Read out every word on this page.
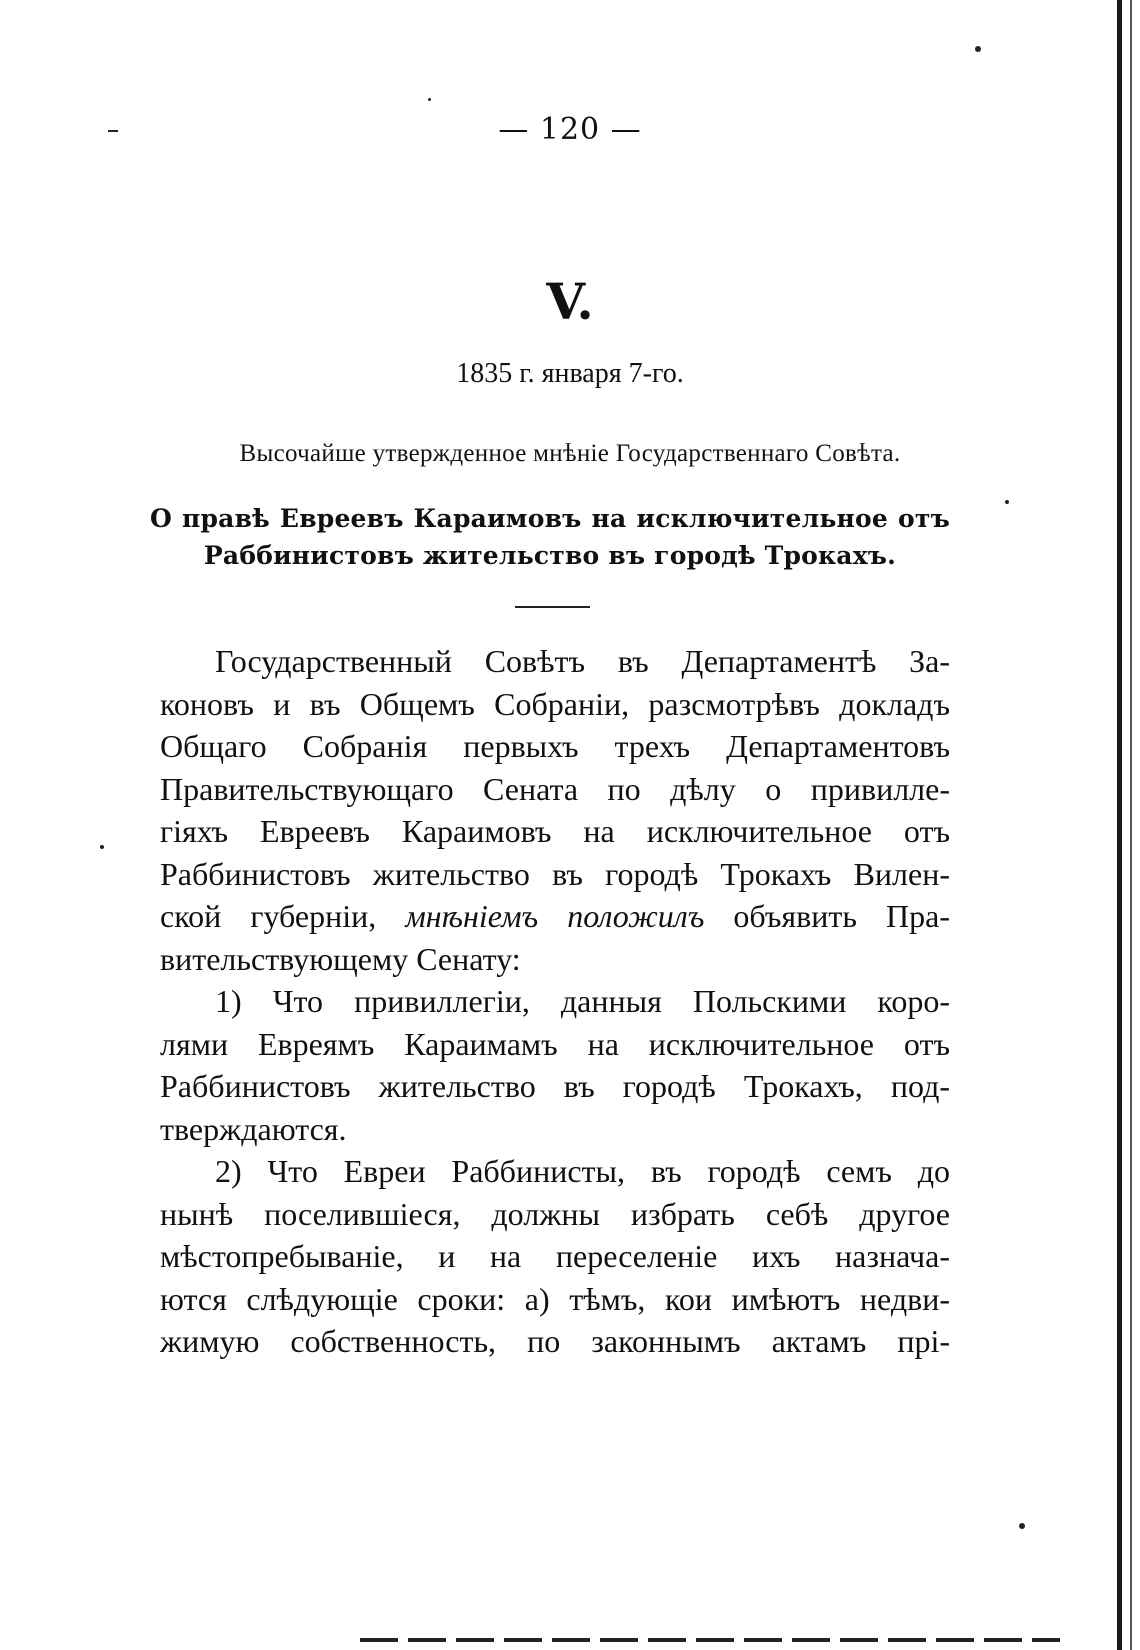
— 120 —
V.
1835 г. января 7-го.
Высочайше утвержденное мнѣніе Государственнаго Совѣта.
О правѣ Евреевъ Караимовъ на исключительное отъ
Раббинистовъ жительство въ городѣ Трокахъ.
Государственный Совѣтъ въ Департаментѣ За-
коновъ и въ Общемъ Собраніи, разсмотрѣвъ докладъ
Общаго Собранія первыхъ трехъ Департаментовъ
Правительствующаго Сената по дѣлу о привилле-
гіяхъ Евреевъ Караимовъ на исключительное отъ
Раббинистовъ жительство въ городѣ Трокахъ Вилен-
ской губерніи, мнѣніемъ положилъ объявить Пра-
вительствующему Сенату:
1) Что привиллегіи, данныя Польскими коро-
лями Евреямъ Караимамъ на исключительное отъ
Раббинистовъ жительство въ городѣ Трокахъ, под-
тверждаются.
2) Что Евреи Раббинисты, въ городѣ семъ до
нынѣ поселившіеся, должны избрать себѣ другое
мѣстопребываніе, и на переселеніе ихъ назнача-
ются слѣдующіе сроки: а) тѣмъ, кои имѣютъ недви-
жимую собственность, по законнымъ актамъ прі-
